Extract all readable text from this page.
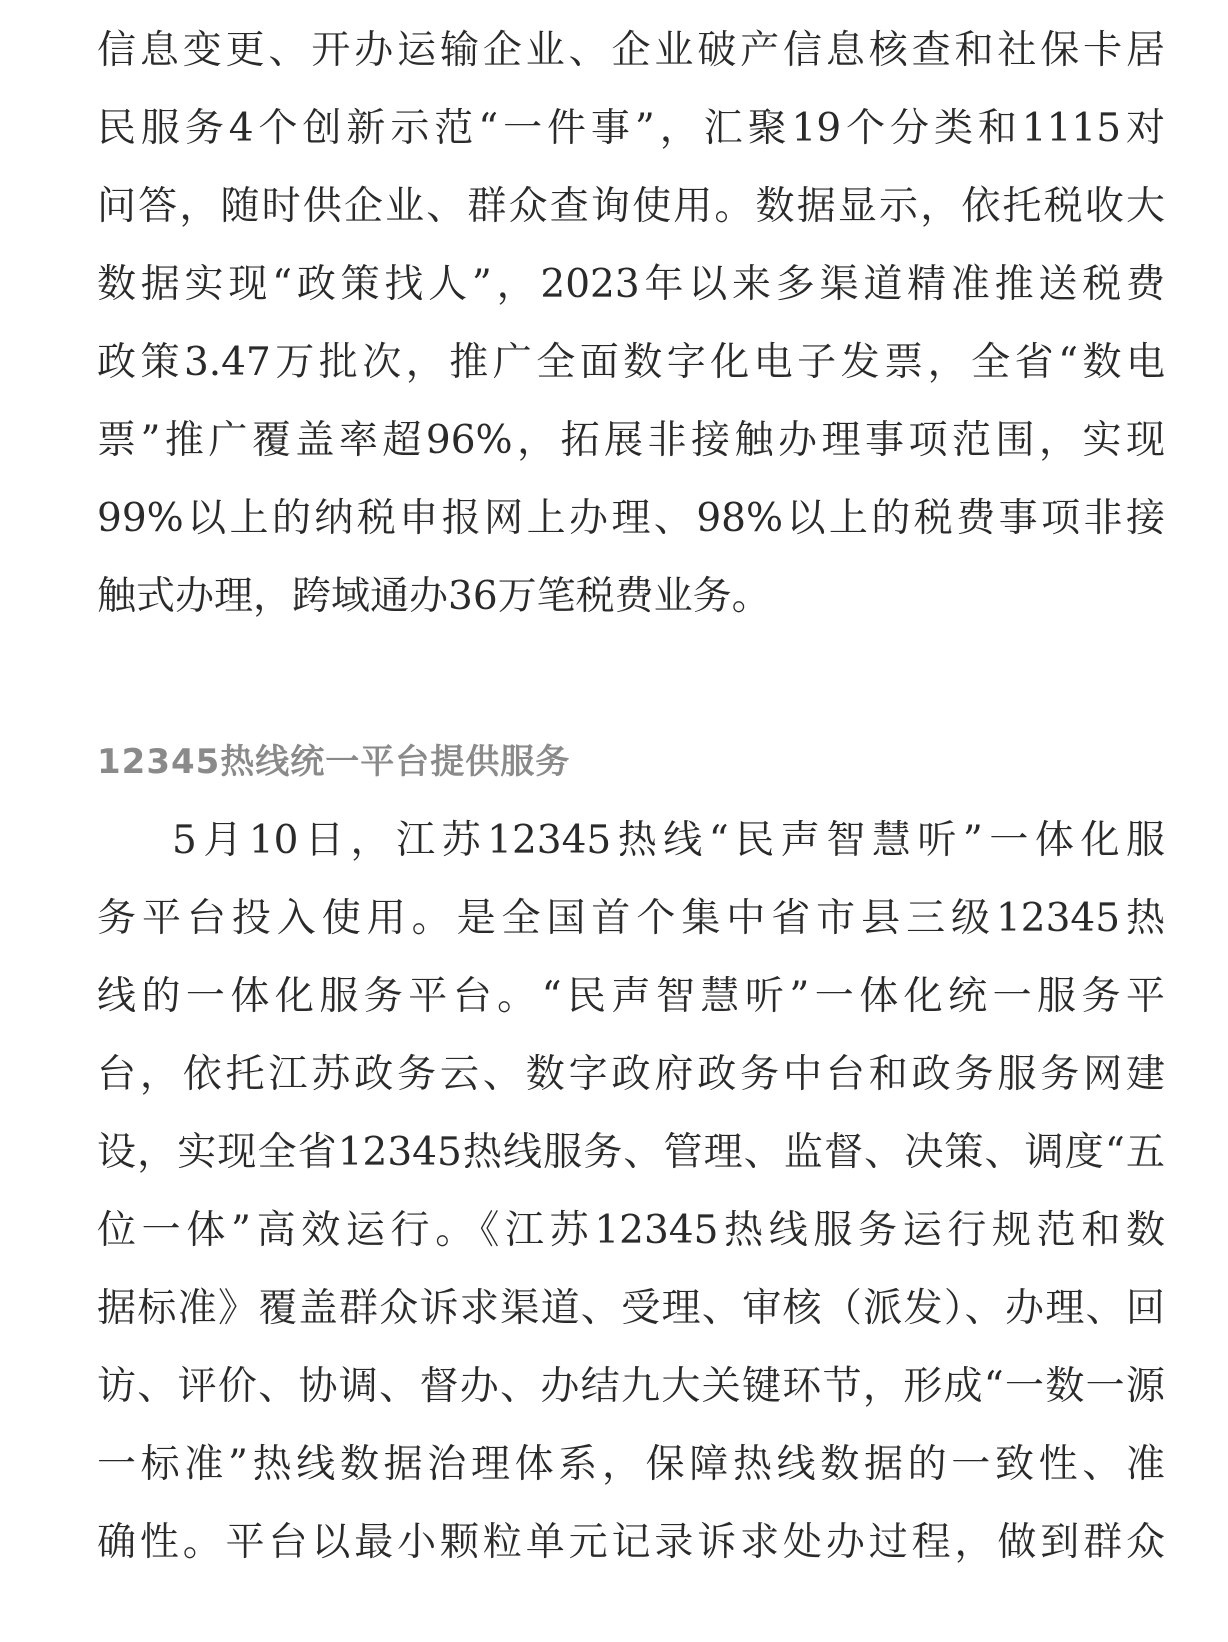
信息变更、开办运输企业、企业破产信息核查和社保卡居
民服务4个创新示范“一件事”，汇聚19个分类和1115对
问答，随时供企业、群众查询使用。数据显示，依托税收大
数据实现“政策找人”，2023年以来多渠道精准推送税费
政策3.47万批次，推广全面数字化电子发票，全省“数电
票”推广覆盖率超96%，拓展非接触办理事项范围，实现
99%以上的纳税申报网上办理、98%以上的税费事项非接
触式办理，跨域通办36万笔税费业务。
12345热线统一平台提供服务
5月10日，江苏12345热线“民声智慧听”一体化服
务平台投入使用。是全国首个集中省市县三级12345热
线的一体化服务平台。“民声智慧听”一体化统一服务平
台，依托江苏政务云、数字政府政务中台和政务服务网建
设，实现全省12345热线服务、管理、监督、决策、调度“五
位一体”高效运行。《江苏12345热线服务运行规范和数
据标准》覆盖群众诉求渠道、受理、审核（派发）、办理、回
访、评价、协调、督办、办结九大关键环节，形成“一数一源
一标准”热线数据治理体系，保障热线数据的一致性、准
确性。平台以最小颗粒单元记录诉求处办过程，做到群众
